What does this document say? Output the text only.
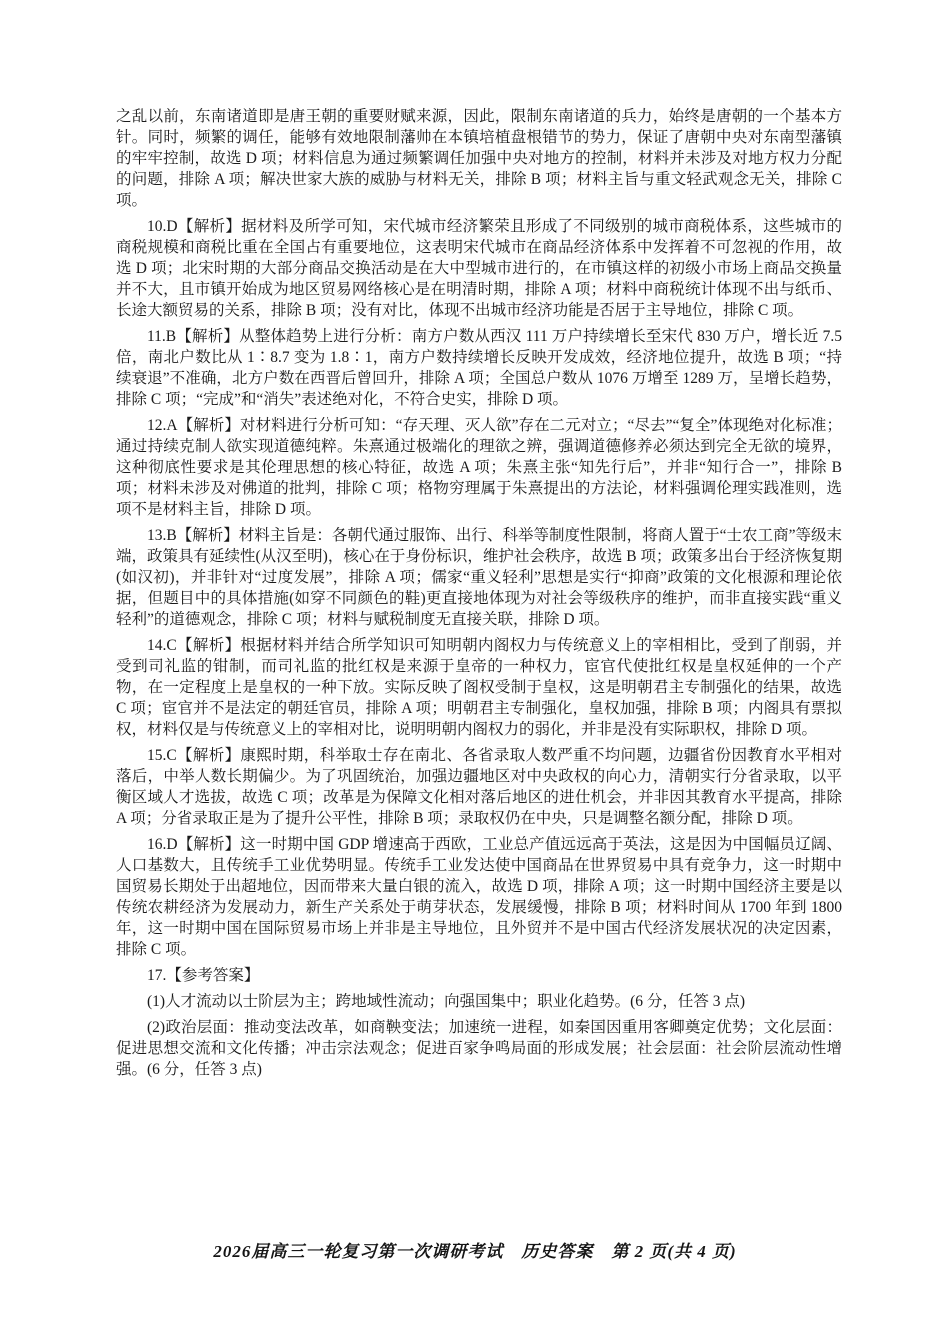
之乱以前，东南诸道即是唐王朝的重要财赋来源，因此，限制东南诸道的兵力，始终是唐朝的一个基本方针。同时，频繁的调任，能够有效地限制藩帅在本镇培植盘根错节的势力，保证了唐朝中央对东南型藩镇的牢牢控制，故选 D 项；材料信息为通过频繁调任加强中央对地方的控制，材料并未涉及对地方权力分配的问题，排除 A 项；解决世家大族的威胁与材料无关，排除 B 项；材料主旨与重文轻武观念无关，排除 C 项。

10.D【解析】据材料及所学可知，宋代城市经济繁荣且形成了不同级别的城市商税体系，这些城市的商税规模和商税比重在全国占有重要地位，这表明宋代城市在商品经济体系中发挥着不可忽视的作用，故选 D 项；北宋时期的大部分商品交换活动是在大中型城市进行的，在市镇这样的初级小市场上商品交换量并不大，且市镇开始成为地区贸易网络核心是在明清时期，排除 A 项；材料中商税统计体现不出与纸币、长途大额贸易的关系，排除 B 项；没有对比，体现不出城市经济功能是否居于主导地位，排除 C 项。

11.B【解析】从整体趋势上进行分析：南方户数从西汉 111 万户持续增长至宋代 830 万户，增长近 7.5 倍，南北户数比从 1∶8.7 变为 1.8∶1，南方户数持续增长反映开发成效，经济地位提升，故选 B 项；“持续衰退”不准确，北方户数在西晋后曾回升，排除 A 项；全国总户数从 1076 万增至 1289 万，呈增长趋势，排除 C 项；“完成”和“消失”表述绝对化，不符合史实，排除 D 项。

12.A【解析】对材料进行分析可知：“存天理、灭人欲”存在二元对立；“尽去”“复全”体现绝对化标准；通过持续克制人欲实现道德纯粹。朱熹通过极端化的理欲之辨，强调道德修养必须达到完全无欲的境界，这种彻底性要求是其伦理思想的核心特征，故选 A 项；朱熹主张“知先行后”，并非“知行合一”，排除 B 项；材料未涉及对佛道的批判，排除 C 项；格物穷理属于朱熹提出的方法论，材料强调伦理实践准则，选项不是材料主旨，排除 D 项。

13.B【解析】材料主旨是：各朝代通过服饰、出行、科举等制度性限制，将商人置于“士农工商”等级末端，政策具有延续性(从汉至明)，核心在于身份标识，维护社会秩序，故选 B 项；政策多出台于经济恢复期(如汉初)，并非针对“过度发展”，排除 A 项；儒家“重义轻利”思想是实行“抑商”政策的文化根源和理论依据，但题目中的具体措施(如穿不同颜色的鞋)更直接地体现为对社会等级秩序的维护，而非直接实践“重义轻利”的道德观念，排除 C 项；材料与赋税制度无直接关联，排除 D 项。

14.C【解析】根据材料并结合所学知识可知明朝内阁权力与传统意义上的宰相相比，受到了削弱，并受到司礼监的钳制，而司礼监的批红权是来源于皇帝的一种权力，宦官代使批红权是皇权延伸的一个产物，在一定程度上是皇权的一种下放。实际反映了阁权受制于皇权，这是明朝君主专制强化的结果，故选 C 项；宦官并不是法定的朝廷官员，排除 A 项；明朝君主专制强化，皇权加强，排除 B 项；内阁具有票拟权，材料仅是与传统意义上的宰相对比，说明明朝内阁权力的弱化，并非是没有实际职权，排除 D 项。

15.C【解析】康熙时期，科举取士存在南北、各省录取人数严重不均问题，边疆省份因教育水平相对落后，中举人数长期偏少。为了巩固统治，加强边疆地区对中央政权的向心力，清朝实行分省录取，以平衡区域人才选拔，故选 C 项；改革是为保障文化相对落后地区的进仕机会，并非因其教育水平提高，排除 A 项；分省录取正是为了提升公平性，排除 B 项；录取权仍在中央，只是调整名额分配，排除 D 项。

16.D【解析】这一时期中国 GDP 增速高于西欧，工业总产值远远高于英法，这是因为中国幅员辽阔、人口基数大，且传统手工业优势明显。传统手工业发达使中国商品在世界贸易中具有竞争力，这一时期中国贸易长期处于出超地位，因而带来大量白银的流入，故选 D 项，排除 A 项；这一时期中国经济主要是以传统农耕经济为发展动力，新生产关系处于萌芽状态，发展缓慢，排除 B 项；材料时间从 1700 年到 1800 年，这一时期中国在国际贸易市场上并非是主导地位，且外贸并不是中国古代经济发展状况的决定因素，排除 C 项。

17.【参考答案】

(1)人才流动以士阶层为主；跨地域性流动；向强国集中；职业化趋势。(6 分，任答 3 点)

(2)政治层面：推动变法改革，如商鞅变法；加速统一进程，如秦国因重用客卿奠定优势；文化层面：促进思想交流和文化传播；冲击宗法观念；促进百家争鸣局面的形成发展；社会层面：社会阶层流动性增强。(6 分，任答 3 点)

2026届高三一轮复习第一次调研考试　历史答案　第 2 页(共 4 页)
